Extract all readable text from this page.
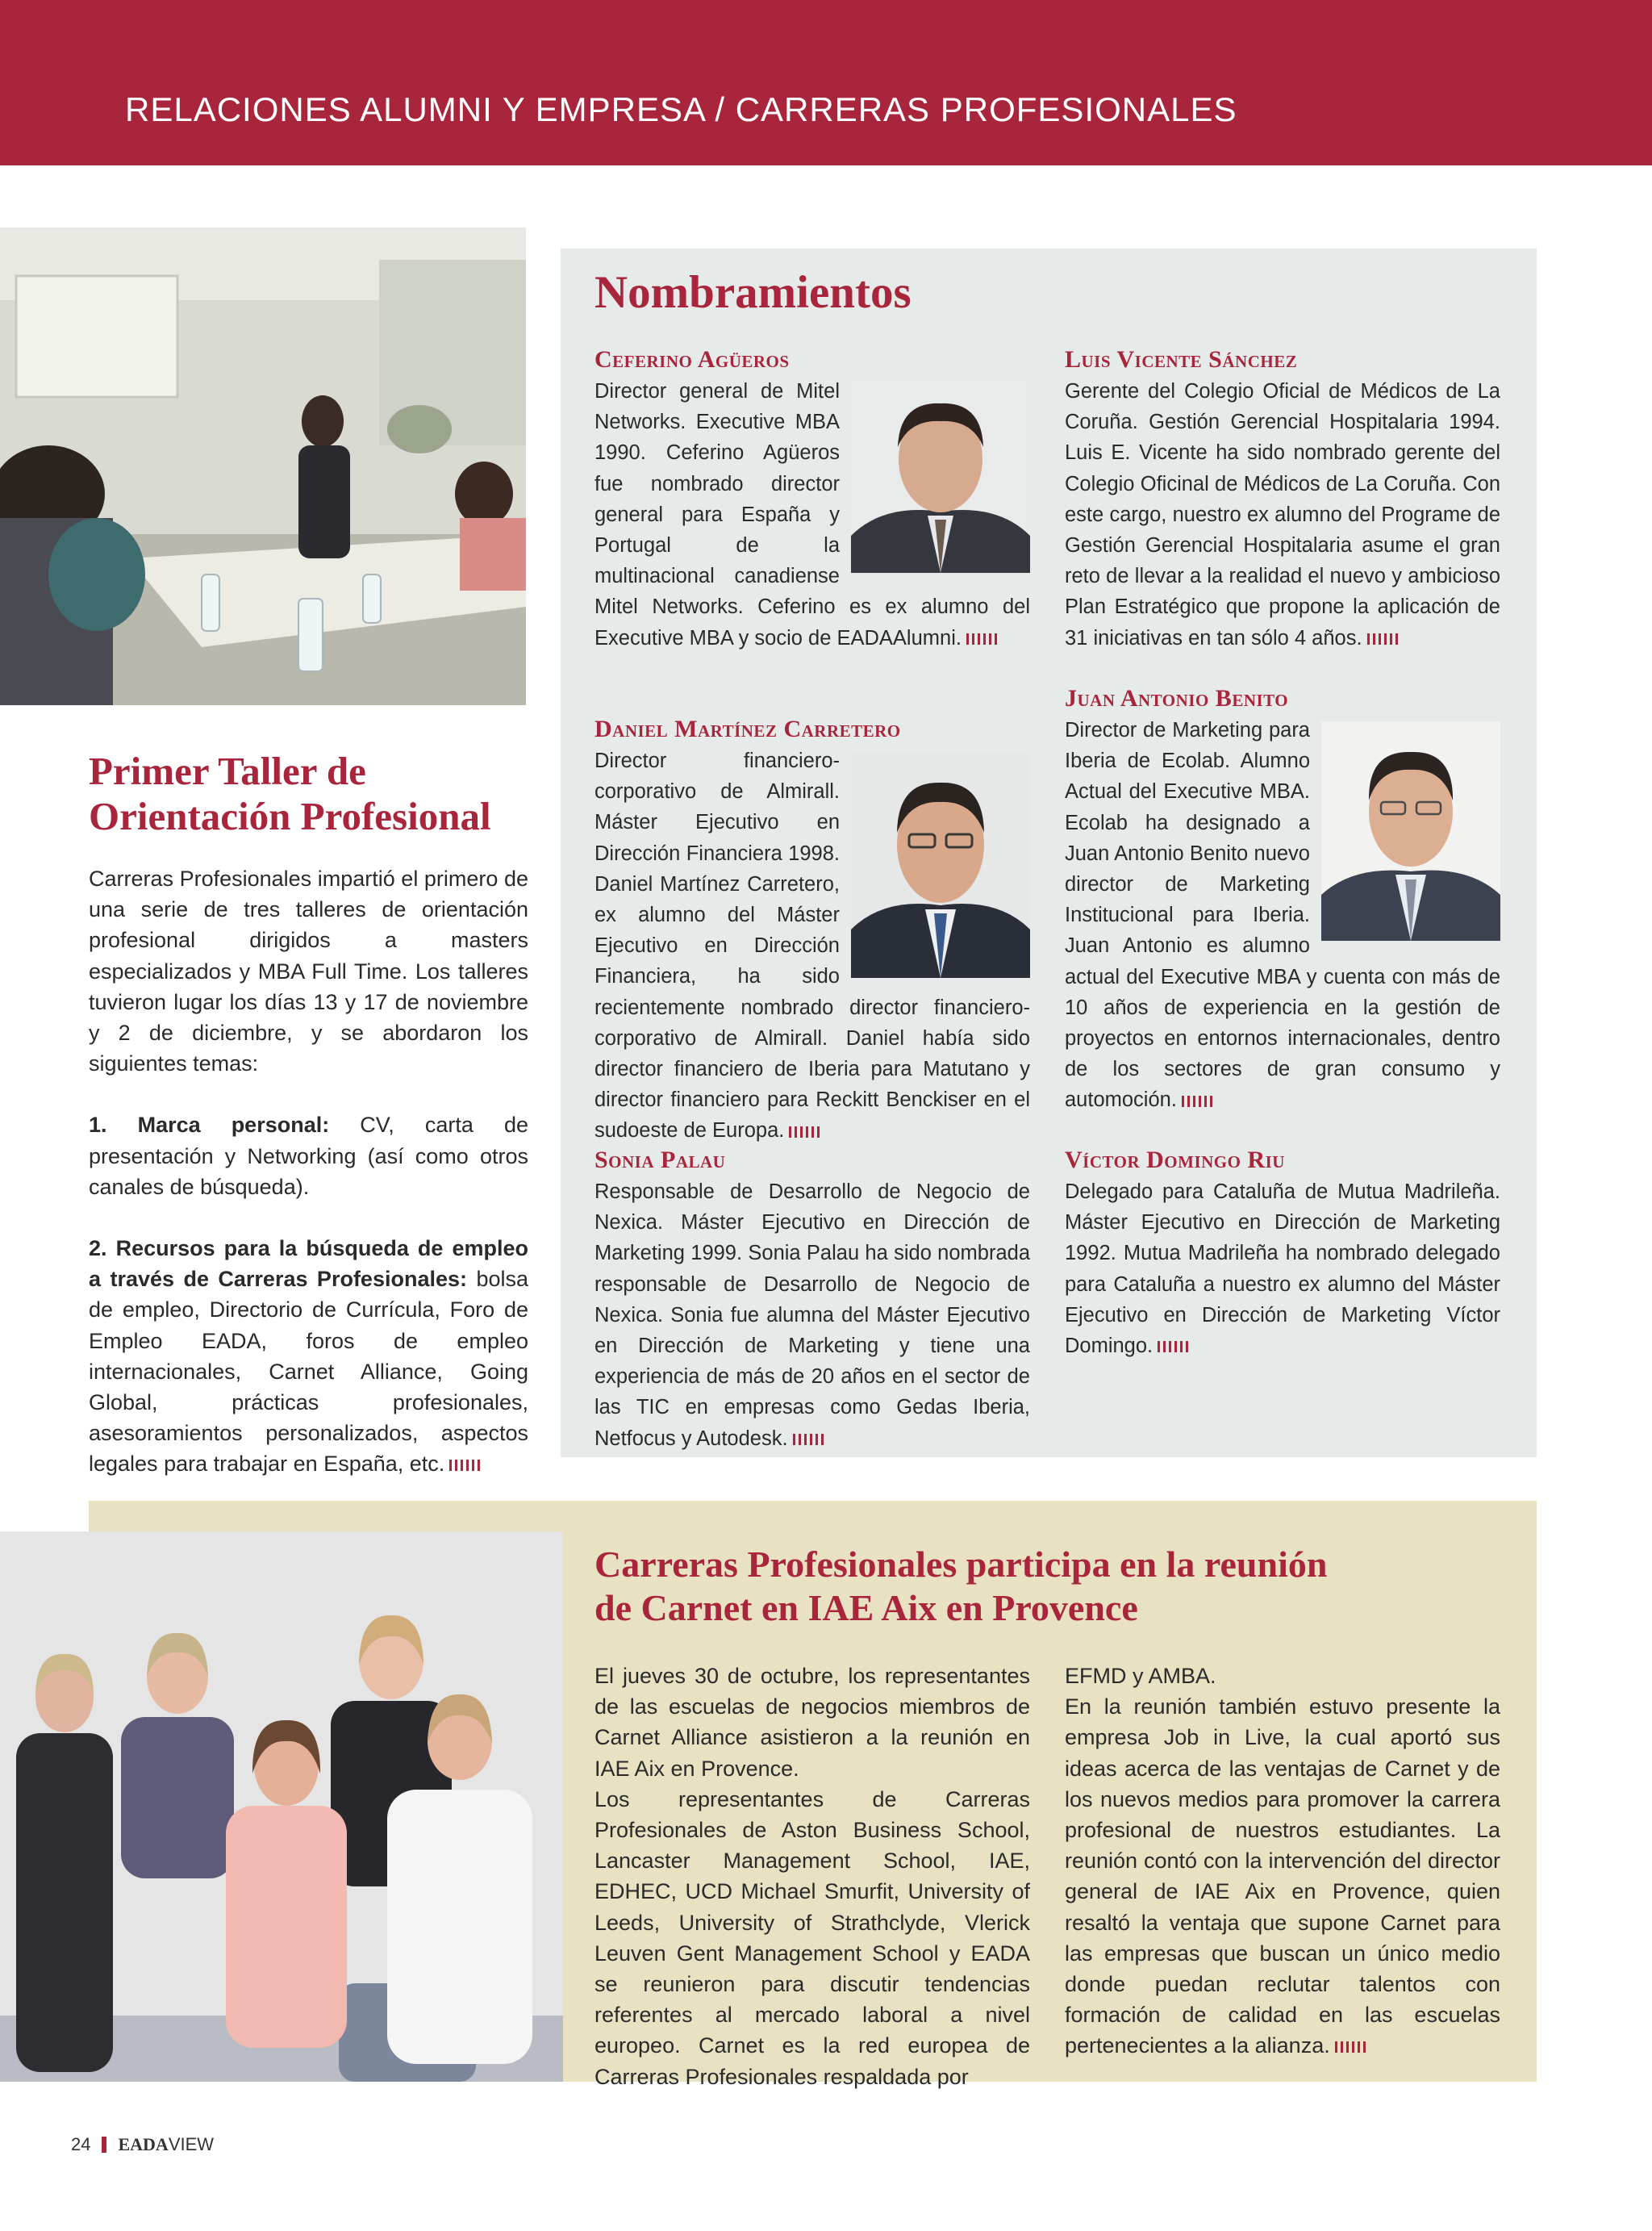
RELACIONES ALUMNI Y EMPRESA / CARRERAS PROFESIONALES
Primer Taller de
Orientación Profesional

Carreras Profesionales impartió el primero de una serie de tres talleres de orientación profesional dirigidos a masters especializados y MBA Full Time. Los talleres tuvieron lugar los días 13 y 17 de noviembre y 2 de diciembre, y se abordaron los siguientes temas:

1. Marca personal: CV, carta de presentación y Networking (así como otros canales de búsqueda).

2. Recursos para la búsqueda de empleo a través de Carreras Profesionales: bolsa de empleo, Directorio de Currícula, Foro de Empleo EADA, foros de empleo internacionales, Carnet Alliance, Going Global, prácticas profesionales, asesoramientos personalizados, aspectos legales para trabajar en España, etc.

Nombramientos
Ceferino Agüeros

Director general de Mitel Networks. Executive MBA 1990. Ceferino Agüeros fue nombrado director general para España y Portugal de la multinacional canadiense Mitel Networks. Ceferino es ex alumno del Executive MBA y socio de EADAAlumni.

Daniel Martínez Carretero

Director financiero-corporativo de Almirall. Máster Ejecutivo en Dirección Financiera 1998. Daniel Martínez Carretero, ex alumno del Máster Ejecutivo en Dirección Financiera, ha sido recientemente nombrado director financiero-corporativo de Almirall. Daniel había sido director financiero de Iberia para Matutano y director financiero para Reckitt Benckiser en el sudoeste de Europa.

Sonia Palau

Responsable de Desarrollo de Negocio de Nexica. Máster Ejecutivo en Dirección de Marketing 1999. Sonia Palau ha sido nombrada responsable de Desarrollo de Negocio de Nexica. Sonia fue alumna del Máster Ejecutivo en Dirección de Marketing y tiene una experiencia de más de 20 años en el sector de las TIC en empresas como Gedas Iberia, Netfocus y Autodesk.

Luis Vicente Sánchez

Gerente del Colegio Oficial de Médicos de La Coruña. Gestión Gerencial Hospitalaria 1994. Luis E. Vicente ha sido nombrado gerente del Colegio Oficinal de Médicos de La Coruña. Con este cargo, nuestro ex alumno del Programe de Gestión Gerencial Hospitalaria asume el gran reto de llevar a la realidad el nuevo y ambicioso Plan Estratégico que propone la aplicación de 31 iniciativas en tan sólo 4 años.

Juan Antonio Benito

Director de Marketing para Iberia de Ecolab. Alumno Actual del Executive MBA. Ecolab ha designado a Juan Antonio Benito nuevo director de Marketing Institucional para Iberia. Juan Antonio es alumno actual del Executive MBA y cuenta con más de 10 años de experiencia en la gestión de proyectos en entornos internacionales, dentro de los sectores de gran consumo y automoción.

Víctor Domingo Riu

Delegado para Cataluña de Mutua Madrileña. Máster Ejecutivo en Dirección de Marketing 1992. Mutua Madrileña ha nombrado delegado para Cataluña a nuestro ex alumno del Máster Ejecutivo en Dirección de Marketing Víctor Domingo.

Carreras Profesionales participa en la reunión
de Carnet en IAE Aix en Provence

El jueves 30 de octubre, los representantes de las escuelas de negocios miembros de Carnet Alliance asistieron a la reunión en IAE Aix en Provence.

Los representantes de Carreras Profesionales de Aston Business School, Lancaster Management School, IAE, EDHEC, UCD Michael Smurfit, University of Leeds, University of Strathclyde, Vlerick Leuven Gent Management School y EADA se reunieron para discutir tendencias referentes al mercado laboral a nivel europeo. Carnet es la red europea de Carreras Profesionales respaldada por

EFMD y AMBA.

En la reunión también estuvo presente la empresa Job in Live, la cual aportó sus ideas acerca de las ventajas de Carnet y de los nuevos medios para promover la carrera profesional de nuestros estudiantes. La reunión contó con la intervención del director general de IAE Aix en Provence, quien resaltó la ventaja que supone Carnet para las empresas que buscan un único medio donde puedan reclutar talentos con formación de calidad en las escuelas pertenecientes a la alianza.

24 EADAVIEW
